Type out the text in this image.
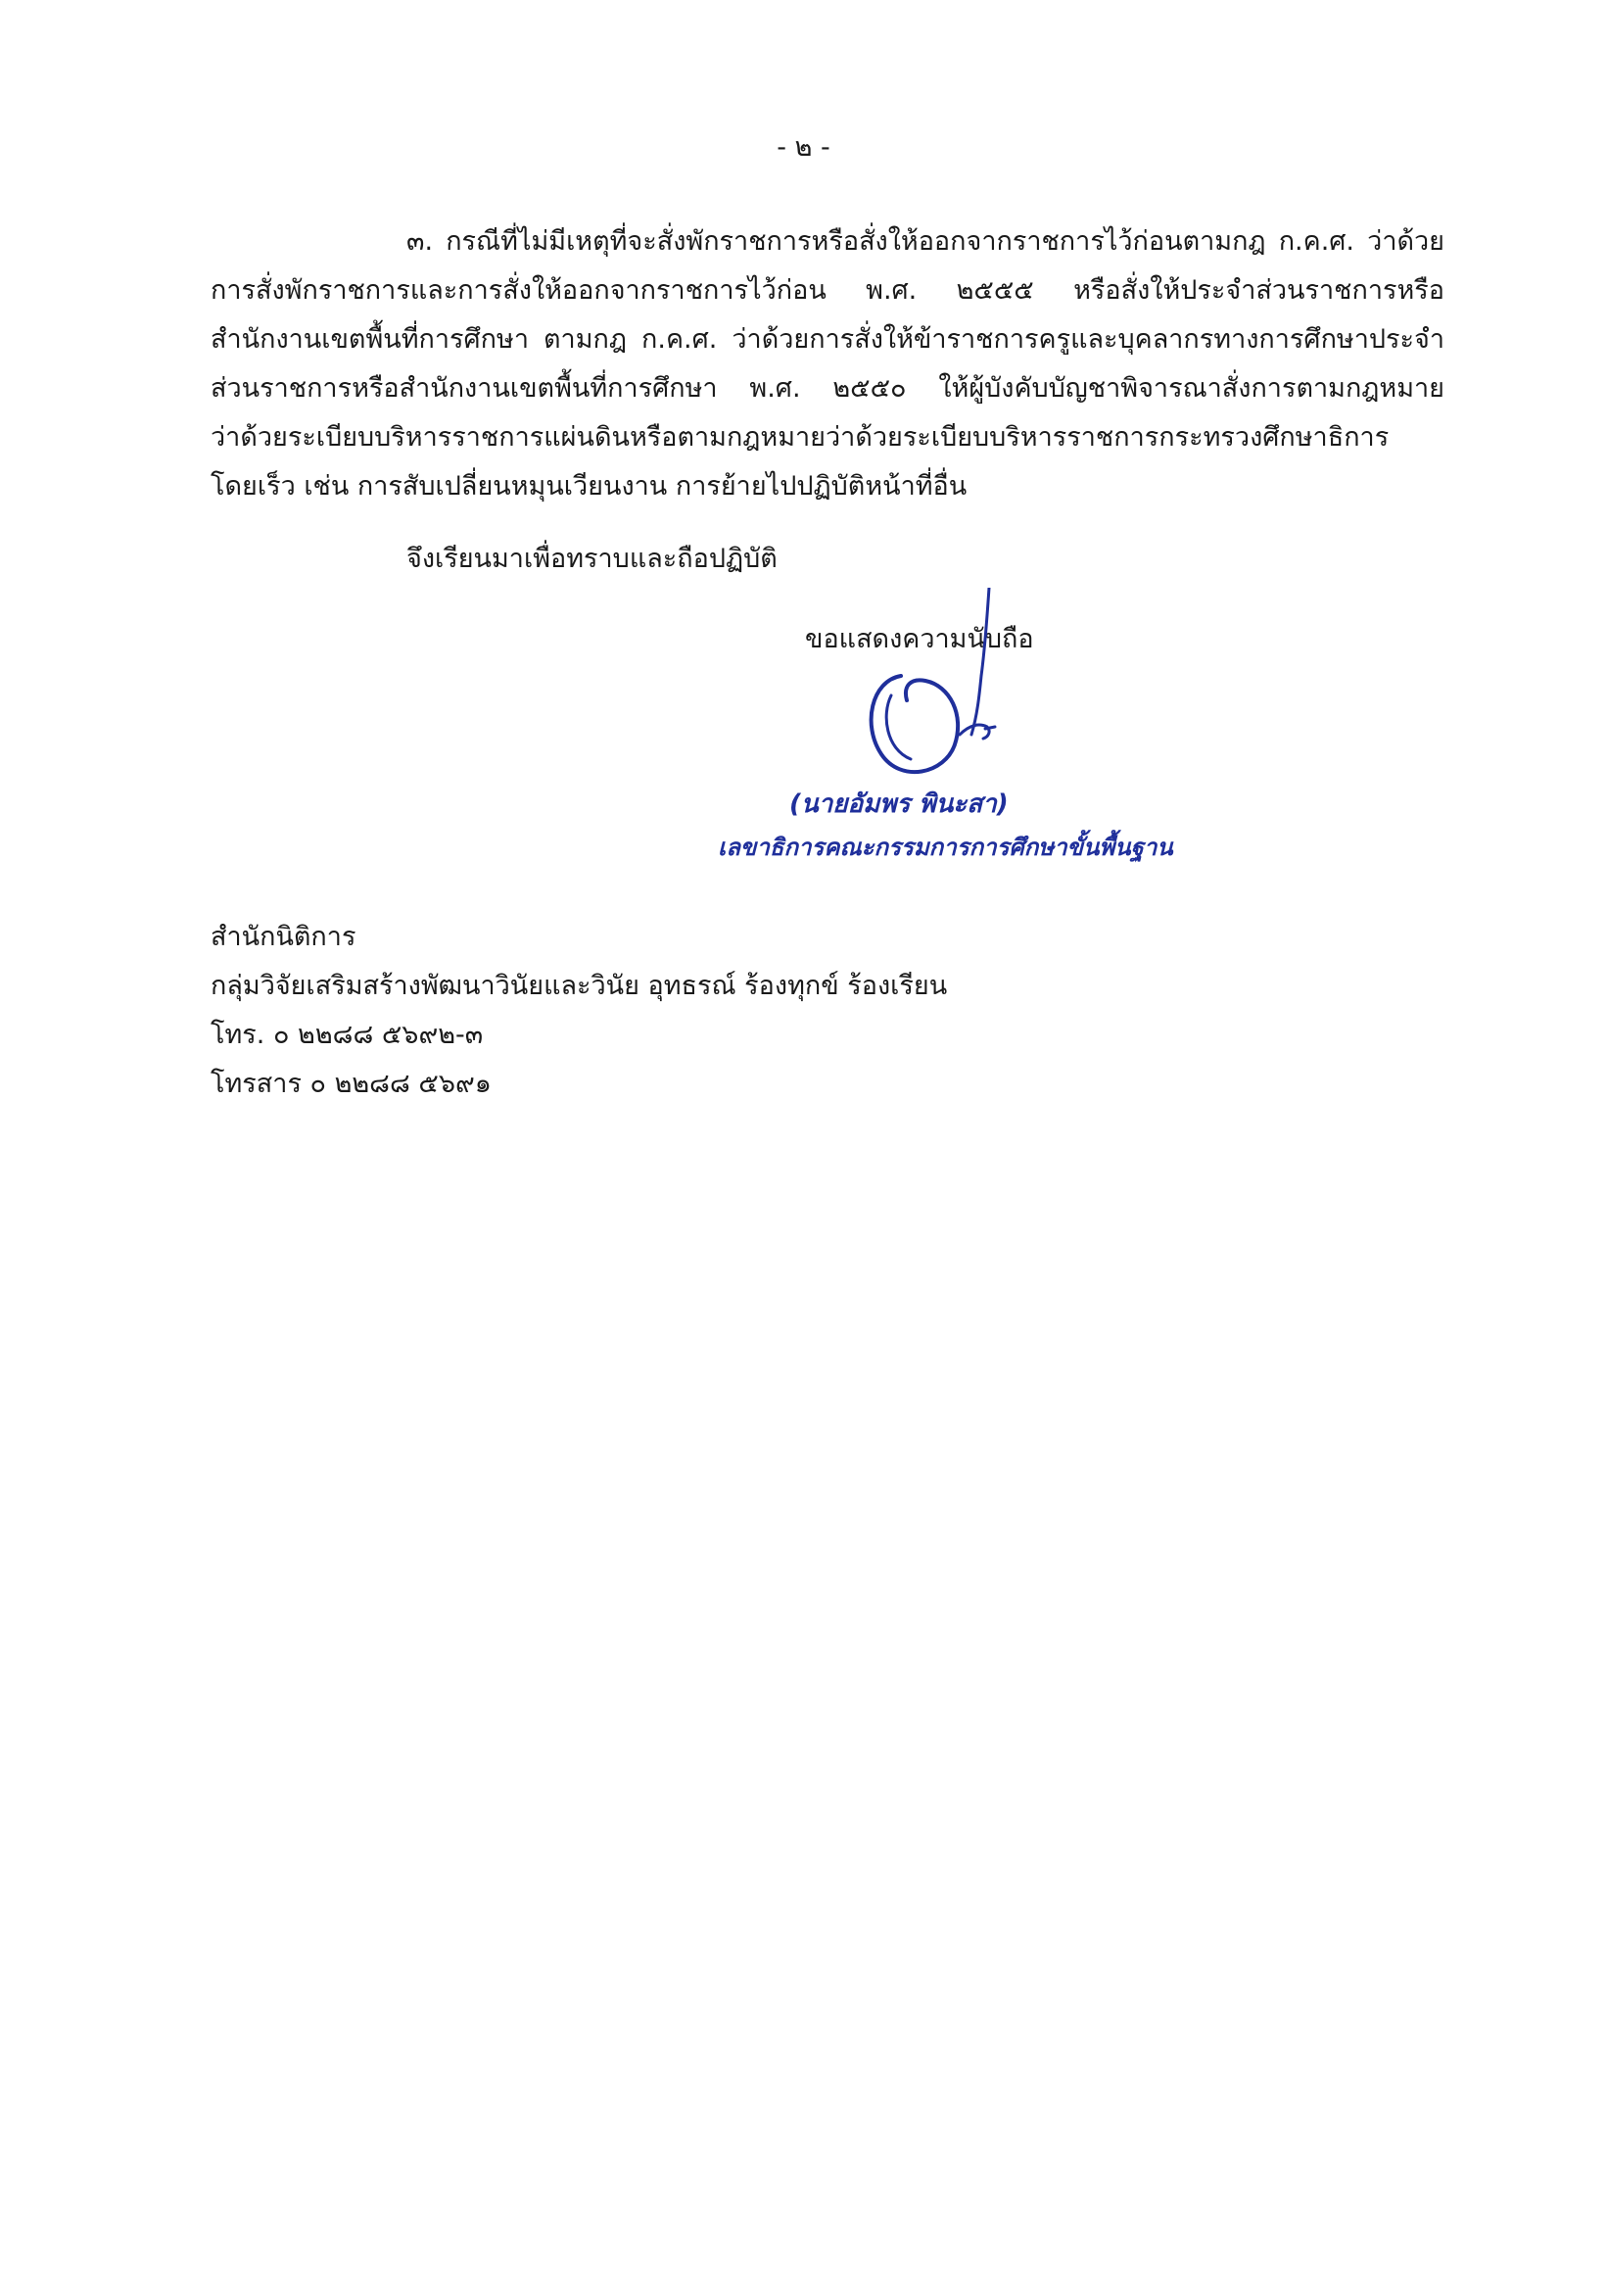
- ๒ -
๓. กรณีที่ไม่มีเหตุที่จะสั่งพักราชการหรือสั่งให้ออกจากราชการไว้ก่อนตามกฎ ก.ค.ศ. ว่าด้วย
การสั่งพักราชการและการสั่งให้ออกจากราชการไว้ก่อน พ.ศ. ๒๕๕๕ หรือสั่งให้ประจำส่วนราชการหรือ
สำนักงานเขตพื้นที่การศึกษา ตามกฎ ก.ค.ศ. ว่าด้วยการสั่งให้ข้าราชการครูและบุคลากรทางการศึกษาประจำ
ส่วนราชการหรือสำนักงานเขตพื้นที่การศึกษา พ.ศ. ๒๕๕๐ ให้ผู้บังคับบัญชาพิจารณาสั่งการตามกฎหมาย
ว่าด้วยระเบียบบริหารราชการแผ่นดินหรือตามกฎหมายว่าด้วยระเบียบบริหารราชการกระทรวงศึกษาธิการ
โดยเร็ว เช่น การสับเปลี่ยนหมุนเวียนงาน การย้ายไปปฏิบัติหน้าที่อื่น
จึงเรียนมาเพื่อทราบและถือปฏิบัติ
ขอแสดงความนับถือ
(นายอัมพร พินะสา)
เลขาธิการคณะกรรมการการศึกษาขั้นพื้นฐาน
สำนักนิติการ
กลุ่มวิจัยเสริมสร้างพัฒนาวินัยและวินัย อุทธรณ์ ร้องทุกข์ ร้องเรียน
โทร. ๐ ๒๒๘๘ ๕๖๙๒-๓
โทรสาร ๐ ๒๒๘๘ ๕๖๙๑
